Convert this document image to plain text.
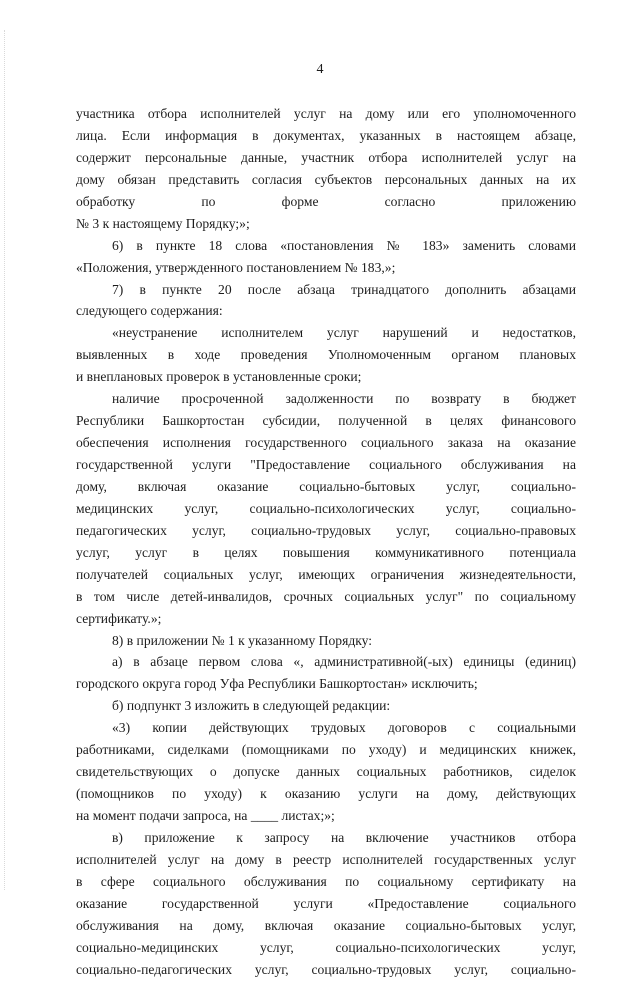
4
участника отбора исполнителей услуг на дому или его уполномоченного
лица. Если информация в документах, указанных в настоящем абзаце,
содержит персональные данные, участник отбора исполнителей услуг на
дому обязан представить согласия субъектов персональных данных на их
обработку по форме согласно приложению
№ 3 к настоящему Порядку;»;
6) в пункте 18 слова «постановления № 183» заменить словами
«Положения, утвержденного постановлением № 183,»;
7) в пункте 20 после абзаца тринадцатого дополнить абзацами
следующего содержания:
«неустранение исполнителем услуг нарушений и недостатков,
выявленных в ходе проведения Уполномоченным органом плановых
и внеплановых проверок в установленные сроки;
наличие просроченной задолженности по возврату в бюджет
Республики Башкортостан субсидии, полученной в целях финансового
обеспечения исполнения государственного социального заказа на оказание
государственной услуги "Предоставление социального обслуживания на
дому, включая оказание социально-бытовых услуг, социально-
медицинских услуг, социально-психологических услуг, социально-
педагогических услуг, социально-трудовых услуг, социально-правовых
услуг, услуг в целях повышения коммуникативного потенциала
получателей социальных услуг, имеющих ограничения жизнедеятельности,
в том числе детей-инвалидов, срочных социальных услуг" по социальному
сертификату.»;
8) в приложении № 1 к указанному Порядку:
а) в абзаце первом слова «, административной(-ых) единицы (единиц)
городского округа город Уфа Республики Башкортостан» исключить;
б) подпункт 3 изложить в следующей редакции:
«3) копии действующих трудовых договоров с социальными
работниками, сиделками (помощниками по уходу) и медицинских книжек,
свидетельствующих о допуске данных социальных работников, сиделок
(помощников по уходу) к оказанию услуги на дому, действующих
на момент подачи запроса, на ____ листах;»;
в) приложение к запросу на включение участников отбора
исполнителей услуг на дому в реестр исполнителей государственных услуг
в сфере социального обслуживания по социальному сертификату на
оказание государственной услуги «Предоставление социального
обслуживания на дому, включая оказание социально-бытовых услуг,
социально-медицинских услуг, социально-психологических услуг,
социально-педагогических услуг, социально-трудовых услуг, социально-
